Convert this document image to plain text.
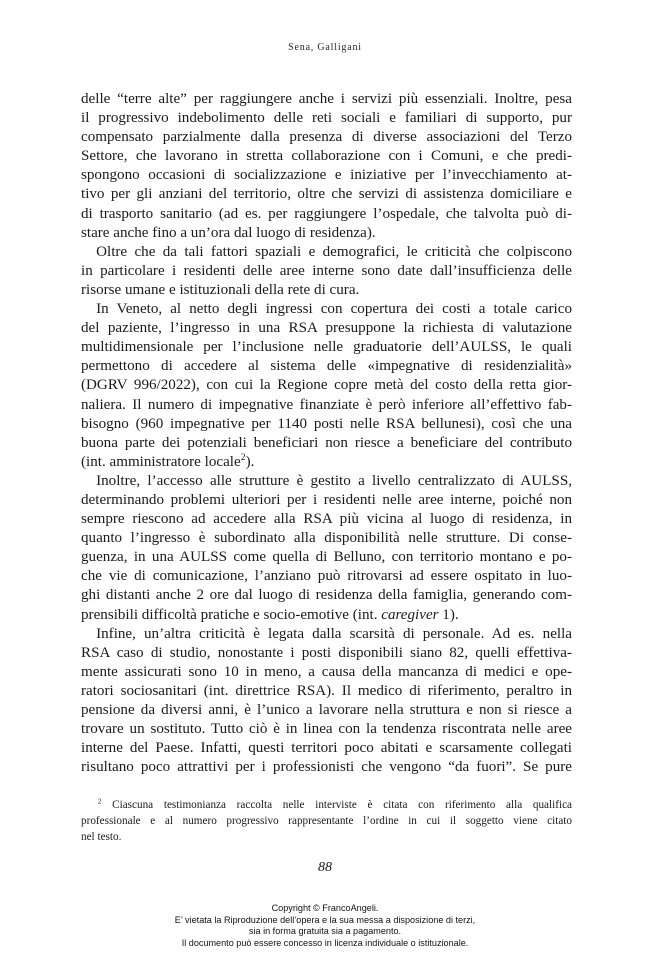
Sena, Galligani
delle “terre alte” per raggiungere anche i servizi più essenziali. Inoltre, pesa
il progressivo indebolimento delle reti sociali e familiari di supporto, pur
compensato parzialmente dalla presenza di diverse associazioni del Terzo
Settore, che lavorano in stretta collaborazione con i Comuni, e che predi-
spongono occasioni di socializzazione e iniziative per l’invecchiamento at-
tivo per gli anziani del territorio, oltre che servizi di assistenza domiciliare e
di trasporto sanitario (ad es. per raggiungere l’ospedale, che talvolta può di-
stare anche fino a un’ora dal luogo di residenza).
 Oltre che da tali fattori spaziali e demografici, le criticità che colpiscono
in particolare i residenti delle aree interne sono date dall’insufficienza delle
risorse umane e istituzionali della rete di cura.
 In Veneto, al netto degli ingressi con copertura dei costi a totale carico
del paziente, l’ingresso in una RSA presuppone la richiesta di valutazione
multidimensionale per l’inclusione nelle graduatorie dell’AULSS, le quali
permettono di accedere al sistema delle «impegnative di residenzialità»
(DGRV 996/2022), con cui la Regione copre metà del costo della retta gior-
naliera. Il numero di impegnative finanziate è però inferiore all’effettivo fab-
bisogno (960 impegnative per 1140 posti nelle RSA bellunesi), così che una
buona parte dei potenziali beneficiari non riesce a beneficiare del contributo
(int. amministratore locale$^2$).
 Inoltre, l’accesso alle strutture è gestito a livello centralizzato di AULSS,
determinando problemi ulteriori per i residenti nelle aree interne, poiché non
sempre riescono ad accedere alla RSA più vicina al luogo di residenza, in
quanto l’ingresso è subordinato alla disponibilità nelle strutture. Di conse-
guenza, in una AULSS come quella di Belluno, con territorio montano e po-
che vie di comunicazione, l’anziano può ritrovarsi ad essere ospitato in luo-
ghi distanti anche 2 ore dal luogo di residenza della famiglia, generando com-
prensibili difficoltà pratiche e socio-emotive (int. caregiver 1).
 Infine, un’altra criticità è legata dalla scarsità di personale. Ad es. nella
RSA caso di studio, nonostante i posti disponibili siano 82, quelli effettiva-
mente assicurati sono 10 in meno, a causa della mancanza di medici e ope-
ratori sociosanitari (int. direttrice RSA). Il medico di riferimento, peraltro in
pensione da diversi anni, è l’unico a lavorare nella struttura e non si riesce a
trovare un sostituto. Tutto ciò è in linea con la tendenza riscontrata nelle aree
interne del Paese. Infatti, questi territori poco abitati e scarsamente collegati
risultano poco attrattivi per i professionisti che vengono “da fuori”. Se pure
  $^2$ Ciascuna testimonianza raccolta nelle interviste è citata con riferimento alla qualifica
professionale e al numero progressivo rappresentante l’ordine in cui il soggetto viene citato
nel testo.
88
Copyright © FrancoAngeli.
E’ vietata la Riproduzione dell’opera e la sua messa a disposizione di terzi,
sia in forma gratuita sia a pagamento.
Il documento può essere concesso in licenza individuale o istituzionale.
